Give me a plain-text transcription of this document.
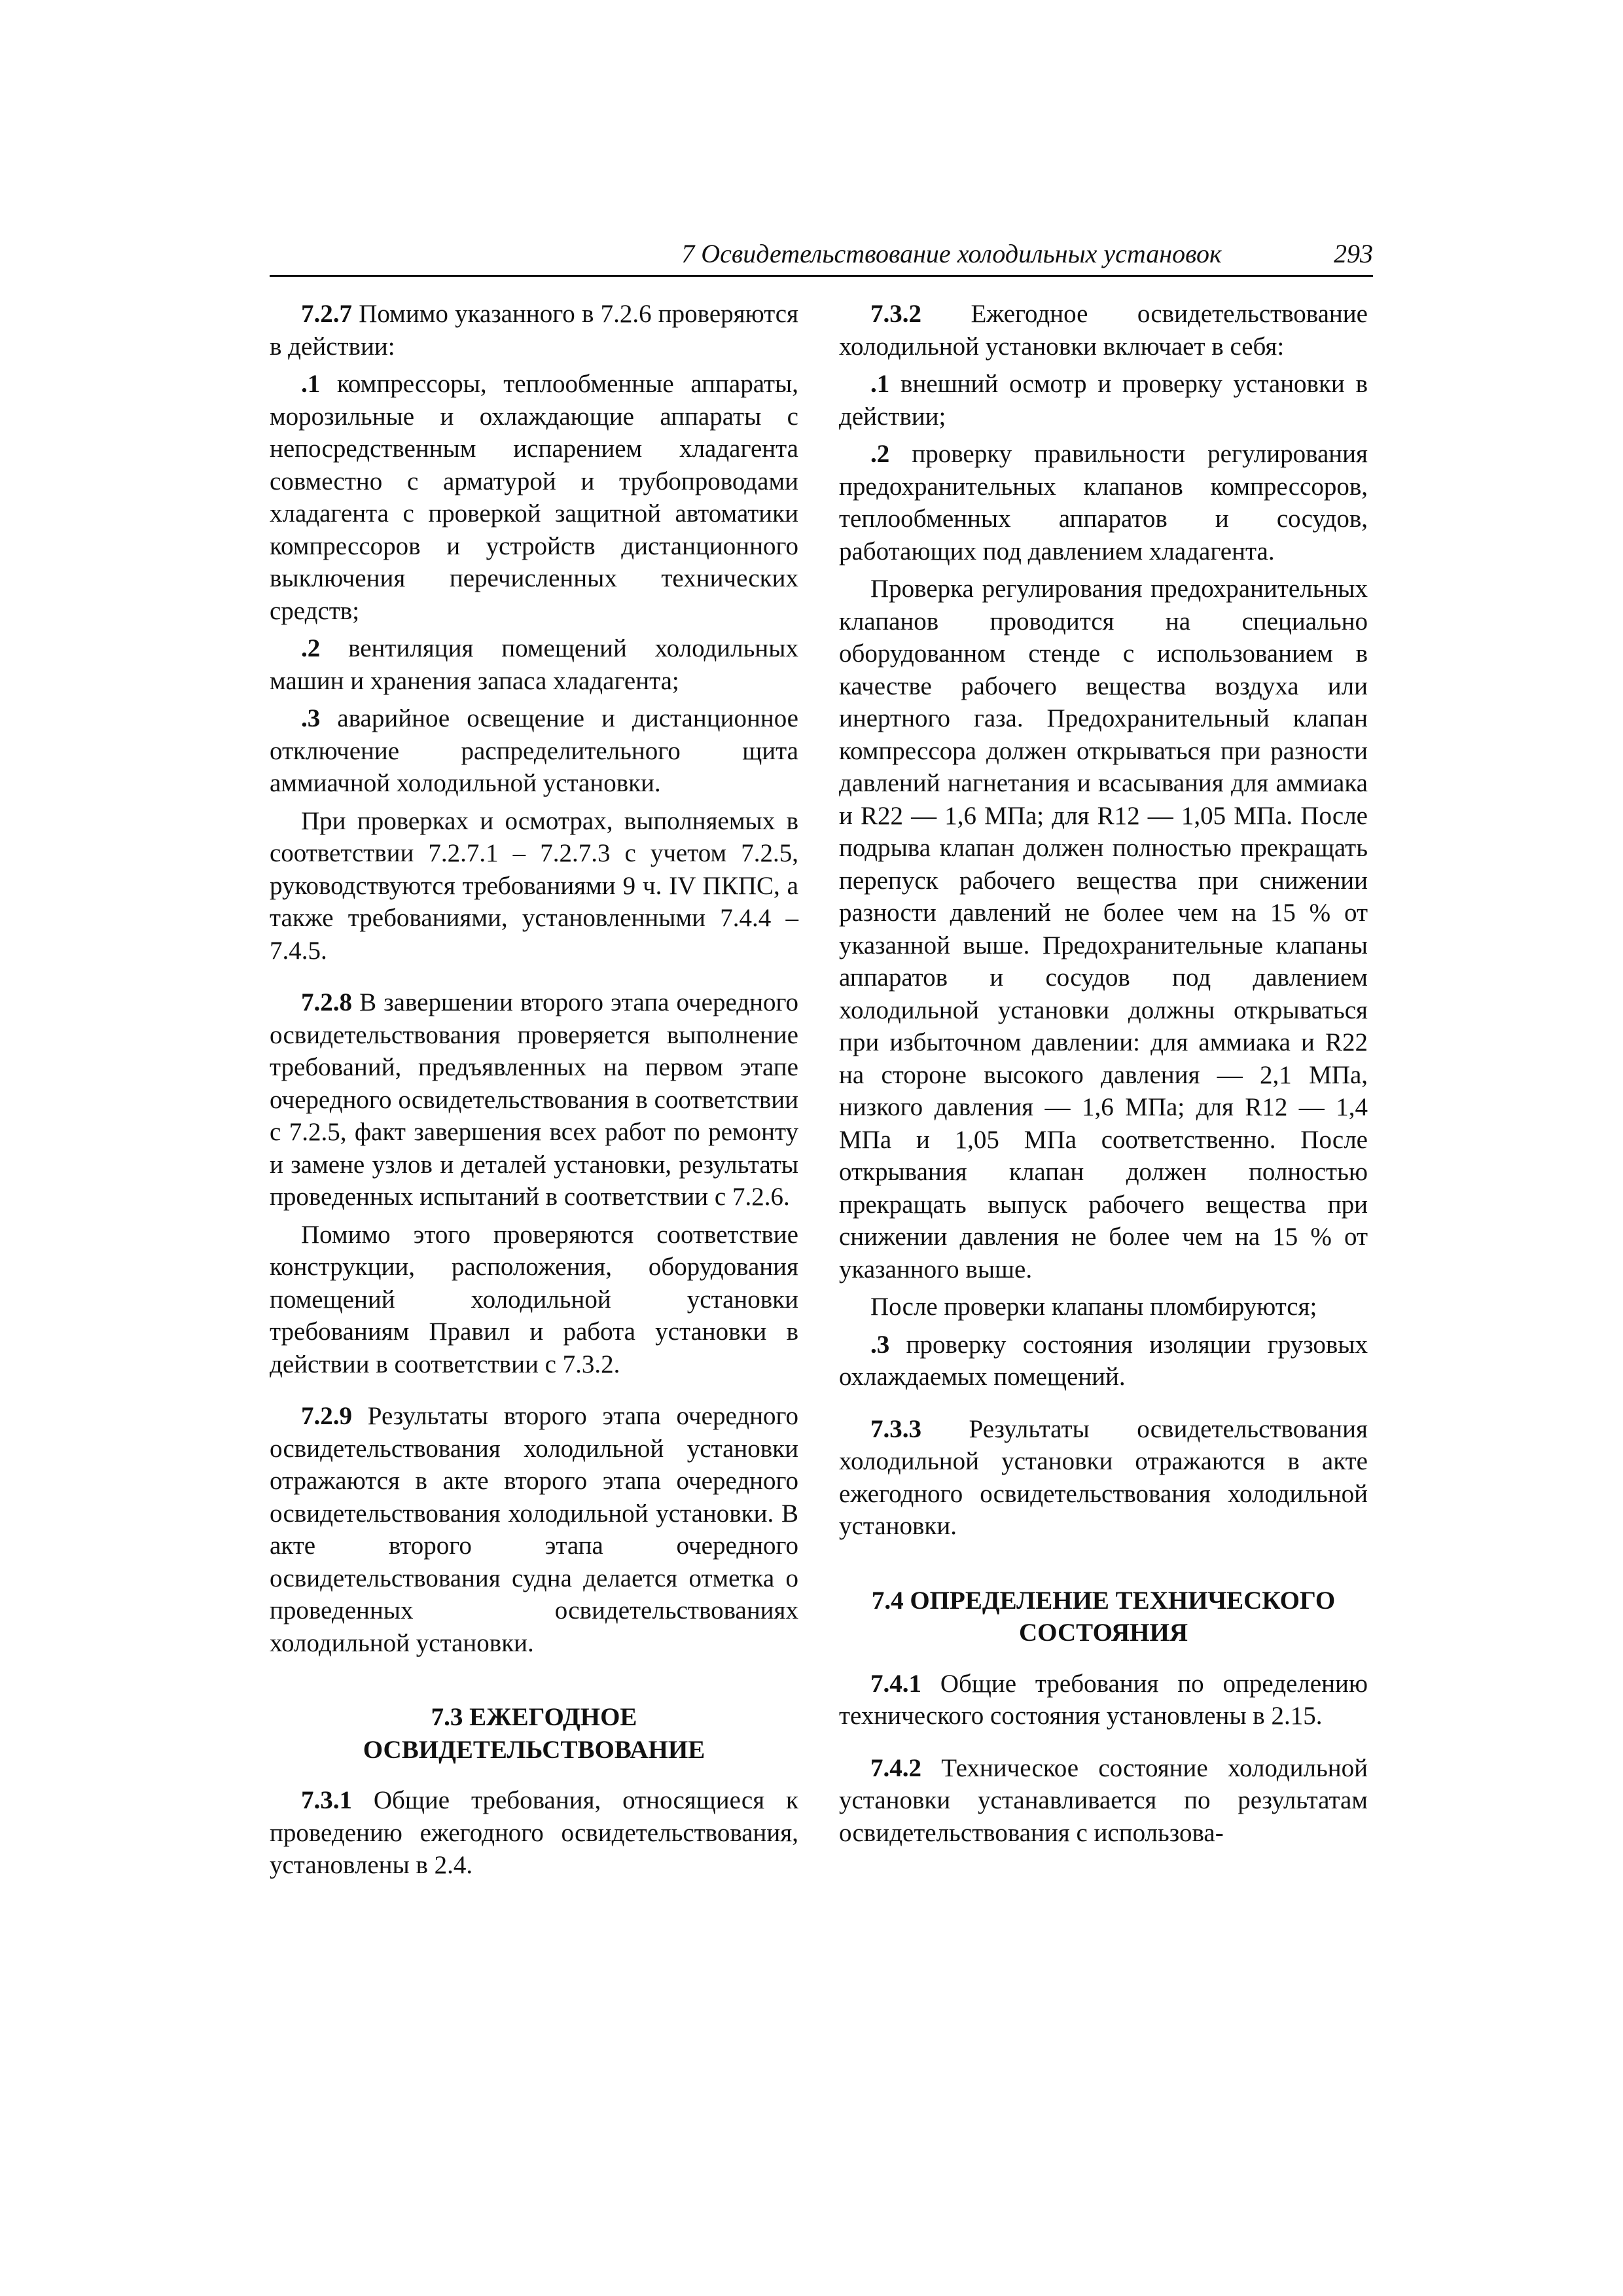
7 Освидетельствование холодильных установок	293

7.2.7 Помимо указанного в 7.2.6 проверяются в действии:

.1 компрессоры, теплообменные аппараты, морозильные и охлаждающие аппараты с непосредственным испарением хладагента совместно с арматурой и трубопроводами хладагента с проверкой защитной автоматики компрессоров и устройств дистанционного выключения перечисленных технических средств;

.2 вентиляция помещений холодильных машин и хранения запаса хладагента;

.3 аварийное освещение и дистанционное отключение распределительного щита аммиачной холодильной установки.

При проверках и осмотрах, выполняемых в соответствии 7.2.7.1 – 7.2.7.3 с учетом 7.2.5, руководствуются требованиями 9 ч. IV ПКПС, а также требованиями, установленными 7.4.4 – 7.4.5.

7.2.8 В завершении второго этапа очередного освидетельствования проверяется выполнение требований, предъявленных на первом этапе очередного освидетельствования в соответствии с 7.2.5, факт завершения всех работ по ремонту и замене узлов и деталей установки, результаты проведенных испытаний в соответствии с 7.2.6.

Помимо этого проверяются соответствие конструкции, расположения, оборудования помещений холодильной установки требованиям Правил и работа установки в действии в соответствии с 7.3.2.

7.2.9 Результаты второго этапа очередного освидетельствования холодильной установки отражаются в акте второго этапа очередного освидетельствования холодильной установки. В акте второго этапа очередного освидетельствования судна делается отметка о проведенных освидетельствованиях холодильной установки.

7.3 ЕЖЕГОДНОЕ
ОСВИДЕТЕЛЬСТВОВАНИЕ

7.3.1 Общие требования, относящиеся к проведению ежегодного освидетельствования, установлены в 2.4.

7.3.2 Ежегодное освидетельствование холодильной установки включает в себя:

.1 внешний осмотр и проверку установки в действии;

.2 проверку правильности регулирования предохранительных клапанов компрессоров, теплообменных аппаратов и сосудов, работающих под давлением хладагента.

Проверка регулирования предохранительных клапанов проводится на специально оборудованном стенде с использованием в качестве рабочего вещества воздуха или инертного газа. Предохранительный клапан компрессора должен открываться при разности давлений нагнетания и всасывания для аммиака и R22 — 1,6 МПа; для R12 — 1,05 МПа. После подрыва клапан должен полностью прекращать перепуск рабочего вещества при снижении разности давлений не более чем на 15 % от указанной выше. Предохранительные клапаны аппаратов и сосудов под давлением холодильной установки должны открываться при избыточном давлении: для аммиака и R22 на стороне высокого давления — 2,1 МПа, низкого давления — 1,6 МПа; для R12 — 1,4 МПа и 1,05 МПа соответственно. После открывания клапан должен полностью прекращать выпуск рабочего вещества при снижении давления не более чем на 15 % от указанного выше.

После проверки клапаны пломбируются;

.3 проверку состояния изоляции грузовых охлаждаемых помещений.

7.3.3 Результаты освидетельствования холодильной установки отражаются в акте ежегодного освидетельствования холодильной установки.

7.4 ОПРЕДЕЛЕНИЕ ТЕХНИЧЕСКОГО
СОСТОЯНИЯ

7.4.1 Общие требования по определению технического состояния установлены в 2.15.

7.4.2 Техническое состояние холодильной установки устанавливается по результатам освидетельствования с использова-
